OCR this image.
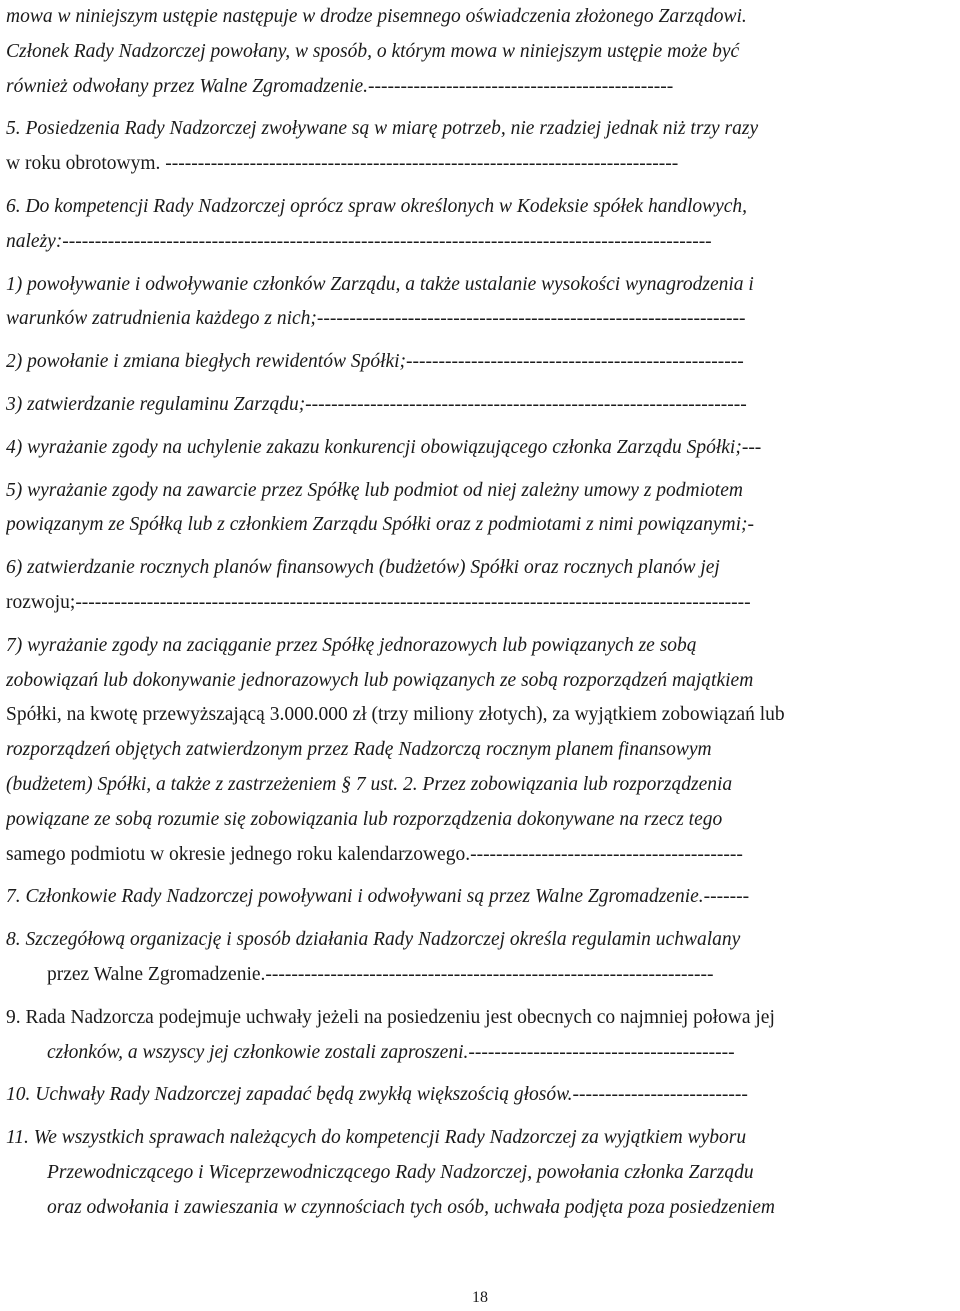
mowa w niniejszym ustępie następuje w drodze pisemnego oświadczenia złożonego Zarządowi.
Członek Rady Nadzorczej powołany, w sposób, o którym mowa w niniejszym ustępie może być
również odwołany przez Walne Zgromadzenie.-----------------------------------------------
5. Posiedzenia Rady Nadzorczej zwoływane są w miarę potrzeb, nie rzadziej jednak niż trzy razy
w roku obrotowym. -------------------------------------------------------------------------------
6. Do kompetencji Rady Nadzorczej oprócz spraw określonych w Kodeksie spółek handlowych,
należy:----------------------------------------------------------------------------------------------------
1) powoływanie i odwoływanie członków Zarządu, a także ustalanie wysokości wynagrodzenia i
warunków zatrudnienia każdego z nich;------------------------------------------------------------------
2) powołanie i zmiana biegłych rewidentów Spółki;----------------------------------------------------
3) zatwierdzanie regulaminu Zarządu;--------------------------------------------------------------------
4) wyrażanie zgody na uchylenie zakazu konkurencji obowiązującego członka Zarządu Spółki;---
5) wyrażanie zgody na zawarcie przez Spółkę lub podmiot od niej zależny umowy z podmiotem
powiązanym ze Spółką lub z członkiem Zarządu Spółki oraz z podmiotami z nimi powiązanymi;-
6) zatwierdzanie rocznych planów finansowych (budżetów) Spółki oraz rocznych planów jej
rozwoju;--------------------------------------------------------------------------------------------------------
7) wyrażanie zgody na zaciąganie przez Spółkę jednorazowych lub powiązanych ze sobą
zobowiązań lub dokonywanie jednorazowych lub powiązanych ze sobą rozporządzeń majątkiem
Spółki, na kwotę przewyższającą 3.000.000 zł (trzy miliony złotych), za wyjątkiem zobowiązań lub
rozporządzeń objętych zatwierdzonym przez Radę Nadzorczą rocznym planem finansowym
(budżetem) Spółki, a także z zastrzeżeniem § 7 ust. 2. Przez zobowiązania lub rozporządzenia
powiązane ze sobą rozumie się zobowiązania lub rozporządzenia dokonywane na rzecz tego
samego podmiotu w okresie jednego roku kalendarzowego.------------------------------------------
7. Członkowie Rady Nadzorczej powoływani i odwoływani są przez Walne Zgromadzenie.-------
8. Szczegółową organizację i sposób działania Rady Nadzorczej określa regulamin uchwalany
przez Walne Zgromadzenie.---------------------------------------------------------------------
9. Rada Nadzorcza podejmuje uchwały jeżeli na posiedzeniu jest obecnych co najmniej połowa jej
członków, a wszyscy jej członkowie zostali zaproszeni.-----------------------------------------
10. Uchwały Rady Nadzorczej zapadać będą zwykłą większością głosów.---------------------------
11. We wszystkich sprawach należących do kompetencji Rady Nadzorczej za wyjątkiem wyboru
Przewodniczącego i Wiceprzewodniczącego Rady Nadzorczej, powołania członka Zarządu
oraz odwołania i zawieszania w czynnościach tych osób, uchwała podjęta poza posiedzeniem
18
